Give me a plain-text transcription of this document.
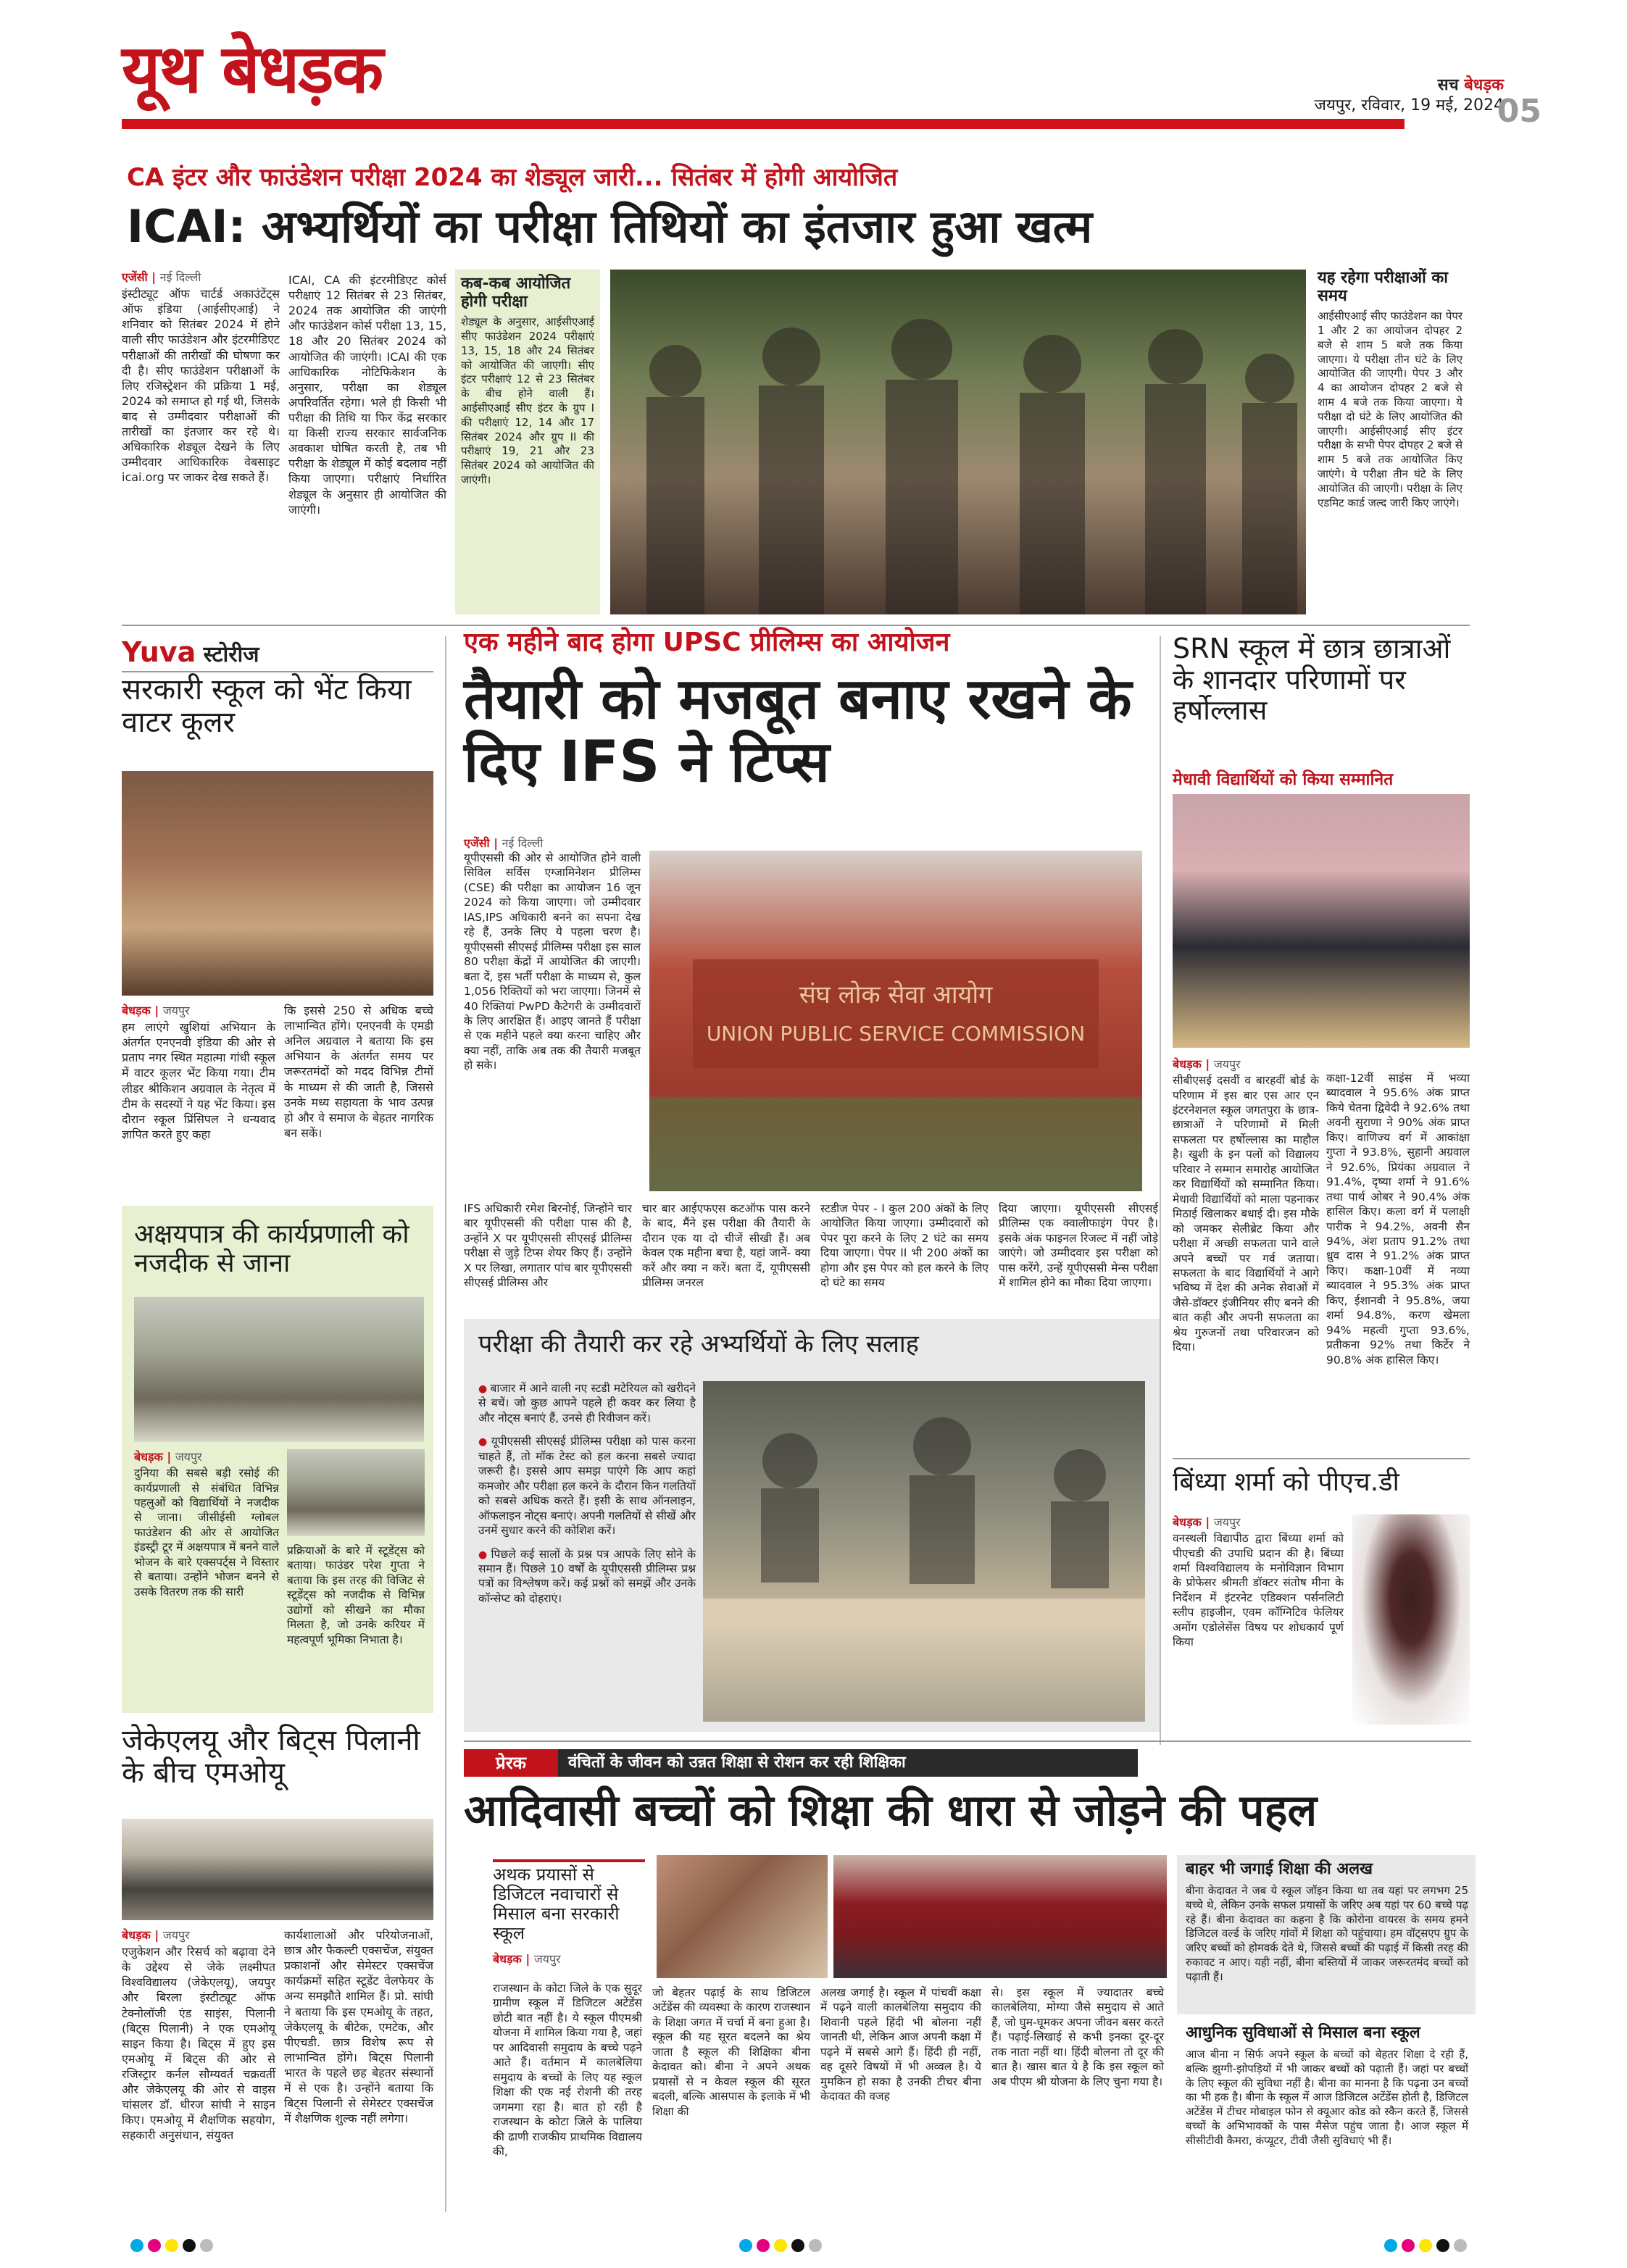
यूथ बेधड़क	सच बेधड़क
जयपुर, रविवार, 19 मई, 2024
05
CA इंटर और फाउंडेशन परीक्षा 2024 का शेड्यूल जारी... सितंबर में होगी आयोजित
ICAI: अभ्यर्थियों का परीक्षा तिथियों का इंतजार हुआ खत्म
एजेंसी | नई दिल्ली
इंस्टीट्यूट ऑफ चार्टर्ड अकाउंटेंट्स ऑफ इंडिया (आईसीएआई) ने शनिवार को सितंबर 2024 में होने वाली सीए फाउंडेशन और इंटरमीडिएट परीक्षाओं की तारीखों की घोषणा कर दी है। सीए फाउंडेशन परीक्षाओं के लिए रजिस्ट्रेशन की प्रक्रिया 1 मई, 2024 को समाप्त हो गई थी, जिसके बाद से उम्मीदवार परीक्षाओं की तारीखों का इंतजार कर रहे थे। अधिकारिक शेड्यूल देखने के लिए उम्मीदवार आधिकारिक वेबसाइट icai.org पर जाकर देख सकते हैं।
ICAI, CA की इंटरमीडिएट कोर्स परीक्षाएं 12 सितंबर से 23 सितंबर, 2024 तक आयोजित की जाएंगी और फाउंडेशन कोर्स परीक्षा 13, 15, 18 और 20 सितंबर 2024 को आयोजित की जाएंगी। ICAI की एक आधिकारिक नोटिफिकेशन के अनुसार, परीक्षा का शेड्यूल अपरिवर्तित रहेगा। भले ही किसी भी परीक्षा की तिथि या फिर केंद्र सरकार या किसी राज्य सरकार सार्वजनिक अवकाश घोषित करती है, तब भी परीक्षा के शेड्यूल में कोई बदलाव नहीं किया जाएगा। परीक्षाएं निर्धारित शेड्यूल के अनुसार ही आयोजित की जाएंगी।
कब-कब आयोजित होगी परीक्षा
शेड्यूल के अनुसार, आईसीएआई सीए फाउंडेशन 2024 परीक्षाएं 13, 15, 18 और 24 सितंबर को आयोजित की जाएगी। सीए इंटर परीक्षाएं 12 से 23 सितंबर के बीच होने वाली हैं। आईसीएआई सीए इंटर के ग्रुप I की परीक्षाएं 12, 14 और 17 सितंबर 2024 और ग्रुप II की परीक्षाएं 19, 21 और 23 सितंबर 2024 को आयोजित की जाएंगी।
यह रहेगा परीक्षाओं का समय
आईसीएआई सीए फाउंडेशन का पेपर 1 और 2 का आयोजन दोपहर 2 बजे से शाम 5 बजे तक किया जाएगा। ये परीक्षा तीन घंटे के लिए आयोजित की जाएगी। पेपर 3 और 4 का आयोजन दोपहर 2 बजे से शाम 4 बजे तक किया जाएगा। ये परीक्षा दो घंटे के लिए आयोजित की जाएगी। आईसीएआई सीए इंटर परीक्षा के सभी पेपर दोपहर 2 बजे से शाम 5 बजे तक आयोजित किए जाएंगे। ये परीक्षा तीन घंटे के लिए आयोजित की जाएगी। परीक्षा के लिए एडमिट कार्ड जल्द जारी किए जाएंगे।
Yuva स्टोरीज
सरकारी स्कूल को भेंट किया वाटर कूलर
बेधड़क | जयपुर
हम लाएंगे खुशियां अभियान के अंतर्गत एनएनवी इंडिया की ओर से प्रताप नगर स्थित महात्मा गांधी स्कूल में वाटर कूलर भेंट किया गया। टीम लीडर श्रीकिशन अग्रवाल के नेतृत्व में टीम के सदस्यों ने यह भेंट किया। इस दौरान स्कूल प्रिंसिपल ने धन्यवाद ज्ञापित करते हुए कहा
कि इससे 250 से अधिक बच्चे लाभान्वित होंगे। एनएनवी के एमडी अनिल अग्रवाल ने बताया कि इस अभियान के अंतर्गत समय पर जरूरतमंदों को मदद विभिन्न टीमों के माध्यम से की जाती है, जिससे उनके मध्य सहायता के भाव उत्पन्न हो और वे समाज के बेहतर नागरिक बन सकें।
अक्षयपात्र की कार्यप्रणाली को नजदीक से जाना
बेधड़क | जयपुर
दुनिया की सबसे बड़ी रसोई की कार्यप्रणाली से संबंधित विभिन्न पहलुओं को विद्यार्थियों ने नजदीक से जाना। जीसीईसी ग्लोबल फाउंडेशन की ओर से आयोजित इंडस्ट्री टूर में अक्षयपात्र में बनने वाले भोजन के बारे एक्सपर्ट्स ने विस्तार से बताया। उन्होंने भोजन बनने से उसके वितरण तक की सारी
प्रक्रियाओं के बारे में स्टूडेंट्स को बताया। फाउंडर परेश गुप्ता ने बताया कि इस तरह की विजिट से स्टूडेंट्स को नजदीक से विभिन्न उद्योगों को सीखने का मौका मिलता है, जो उनके करियर में महत्वपूर्ण भूमिका निभाता है।
जेकेएलयू और बिट्स पिलानी के बीच एमओयू
बेधड़क | जयपुर
एजुकेशन और रिसर्च को बढ़ावा देने के उद्देश्य से जेके लक्ष्मीपत विश्वविद्यालय (जेकेएलयू), जयपुर और बिरला इंस्टीट्यूट ऑफ टेक्नोलॉजी एंड साइंस, पिलानी (बिट्स पिलानी) ने एक एमओयू साइन किया है। बिट्स में हुए इस एमओयू में बिट्स की ओर से रजिस्ट्रार कर्नल सौम्यवर्त चक्रवर्ती और जेकेएलयू की ओर से वाइस चांसलर डॉ. धीरज सांघी ने साइन किए। एमओयू में शैक्षणिक सहयोग, सहकारी अनुसंधान, संयुक्त
कार्यशालाओं और परियोजनाओं, छात्र और फैकल्टी एक्सचेंज, संयुक्त प्रकाशनों और सेमेस्टर एक्सचेंज कार्यक्रमों सहित स्टूडेंट वेलफेयर के अन्य समझौते शामिल हैं। प्रो. सांघी ने बताया कि इस एमओयू के तहत, जेकेएलयू के बीटेक, एमटेक, और पीएचडी. छात्र विशेष रूप से लाभान्वित होंगे। बिट्स पिलानी भारत के पहले छह बेहतर संस्थानों में से एक है। उन्होंने बताया कि बिट्स पिलानी से सेमेस्टर एक्सचेंज में शैक्षणिक शुल्क नहीं लगेगा।
एक महीने बाद होगा UPSC प्रीलिम्स का आयोजन
तैयारी को मजबूत बनाए रखने के दिए IFS ने टिप्स
एजेंसी | नई दिल्ली
यूपीएससी की ओर से आयोजित होने वाली सिविल सर्विस एग्जामिनेशन प्रीलिम्स (CSE) की परीक्षा का आयोजन 16 जून 2024 को किया जाएगा। जो उम्मीदवार IAS,IPS अधिकारी बनने का सपना देख रहे हैं, उनके लिए ये पहला चरण है। यूपीएससी सीएसई प्रीलिम्स परीक्षा इस साल 80 परीक्षा केंद्रों में आयोजित की जाएगी। बता दें, इस भर्ती परीक्षा के माध्यम से, कुल 1,056 रिक्तियों को भरा जाएगा। जिनमें से 40 रिक्तियां PwPD कैटेगरी के उम्मीदवारों के लिए आरक्षित हैं। आइए जानते हैं परीक्षा से एक महीने पहले क्या करना चाहिए और क्या नहीं, ताकि अब तक की तैयारी मजबूत हो सके।
संघ लोक सेवा आयोग
UNION PUBLIC SERVICE COMMISSION
IFS अधिकारी रमेश बिरनोई, जिन्होंने चार बार यूपीएससी की परीक्षा पास की है, उन्होंने X पर यूपीएससी सीएसई प्रीलिम्स परीक्षा से जुड़े टिप्स शेयर किए हैं। उन्होंने X पर लिखा, लगातार पांच बार यूपीएससी सीएसई प्रीलिम्स और
चार बार आईएफएस कटऑफ पास करने के बाद, मैंने इस परीक्षा की तैयारी के दौरान एक या दो चीजें सीखी हैं। अब केवल एक महीना बचा है, यहां जानें- क्या करें और क्या न करें। बता दें, यूपीएससी प्रीलिम्स जनरल
स्टडीज पेपर - I कुल 200 अंकों के लिए आयोजित किया जाएगा। उम्मीदवारों को पेपर पूरा करने के लिए 2 घंटे का समय दिया जाएगा। पेपर II भी 200 अंकों का होगा और इस पेपर को हल करने के लिए दो घंटे का समय
दिया जाएगा। यूपीएससी सीएसई प्रीलिम्स एक क्वालीफाइंग पेपर है। इसके अंक फाइनल रिजल्ट में नहीं जोड़े जाएंगे। जो उम्मीदवार इस परीक्षा को पास करेंगे, उन्हें यूपीएससी मेन्स परीक्षा में शामिल होने का मौका दिया जाएगा।
परीक्षा की तैयारी कर रहे अभ्यर्थियों के लिए सलाह
● बाजार में आने वाली नए स्टडी मटेरियल को खरीदने से बचें। जो कुछ आपने पहले ही कवर कर लिया है और नोट्स बनाएं हैं, उनसे ही रिवीजन करें।
● यूपीएससी सीएसई प्रीलिम्स परीक्षा को पास करना चाहते हैं, तो मॉक टेस्ट को हल करना सबसे ज्यादा जरूरी है। इससे आप समझ पाएंगे कि आप कहां कमजोर और परीक्षा हल करने के दौरान किन गलतियों को सबसे अधिक करते हैं। इसी के साथ ऑनलाइन, ऑफलाइन नोट्स बनाएं। अपनी गलतियों से सीखें और उनमें सुधार करने की कोशिश करें।
● पिछले कई सालों के प्रश्न पत्र आपके लिए सोने के समान हैं। पिछले 10 वर्षों के यूपीएससी प्रीलिम्स प्रश्न पत्रों का विश्लेषण करें। कई प्रश्नों को समझें और उनके कॉन्सेप्ट को दोहराएं।
SRN स्कूल में छात्र छात्राओं के शानदार परिणामों पर हर्षोल्लास
मेधावी विद्यार्थियों को किया सम्मानित
बेधड़क | जयपुर
सीबीएसई दसवीं व बारहवीं बोर्ड के परिणाम में इस बार एस आर एन इंटरनेशनल स्कूल जगतपुरा के छात्र-छात्राओं ने परिणामों में मिली सफलता पर हर्षोल्लास का माहौल है। खुशी के इन पलों को विद्यालय परिवार ने सम्मान समारोह आयोजित कर विद्यार्थियों को सम्मानित किया। मेधावी विद्यार्थियों को माला पहनाकर मिठाई खिलाकर बधाई दी। इस मौके को जमकर सेलीब्रेट किया और परीक्षा में अच्छी सफलता पाने वाले अपने बच्चों पर गर्व जताया। सफलता के बाद विद्यार्थियों ने आगे भविष्य में देश की अनेक सेवाओं में जैसे-डॉक्टर इंजीनियर सीए बनने की बात कही और अपनी सफलता का श्रेय गुरुजनों तथा परिवारजन को दिया।
कक्षा-12वीं साइंस में भव्या ब्यादवाल ने 95.6% अंक प्राप्त किये चेतना द्विवेदी ने 92.6% तथा अवनी सुराणा ने 90% अंक प्राप्त किए। वाणिज्य वर्ग में आकांक्षा गुप्ता ने 93.8%, सुहानी अग्रवाल ने 92.6%, प्रियंका अग्रवाल ने 91.4%, दृष्या शर्मा ने 91.6% तथा पार्थ ओबर ने 90.4% अंक हासिल किए। कला वर्ग में पलाक्षी पारीक ने 94.2%, अवनी सैन 94%, अंश प्रताप 91.2% तथा ध्रुव दास ने 91.2% अंक प्राप्त किए। कक्षा-10वीं में नव्या ब्यादवाल ने 95.3% अंक प्राप्त किए, ईशानवी ने 95.8%, जया शर्मा 94.8%, करण खेमला 94% महत्वी गुप्ता 93.6%, प्रतीकना 92% तथा किर्टेर ने 90.8% अंक हासिल किए।
बिंध्या शर्मा को पीएच.डी
बेधड़क | जयपुर
वनस्थली विद्यापीठ द्वारा बिंध्या शर्मा को पीएचडी की उपाधि प्रदान की है। बिंध्या शर्मा विश्वविद्यालय के मनोविज्ञान विभाग के प्रोफेसर श्रीमती डॉक्टर संतोष मीना के निर्देशन में इंटरनेट एडिक्शन पर्सनलिटी स्लीप हाइजीन, एवम कॉग्निटिव फेलियर अमोंग एडोलेसेंस विषय पर शोधकार्य पूर्ण किया
प्रेरक	वंचितों के जीवन को उन्नत शिक्षा से रोशन कर रही शिक्षिका
आदिवासी बच्चों को शिक्षा की धारा से जोड़ने की पहल
अथक प्रयासों से डिजिटल नवाचारों से मिसाल बना सरकारी स्कूल
बेधड़क | जयपुर
राजस्थान के कोटा जिले के एक सुदूर ग्रामीण स्कूल में डिजिटल अटेंडेंस छोटी बात नहीं है। ये स्कूल पीएमश्री योजना में शामिल किया गया है, जहां पर आदिवासी समुदाय के बच्चे पढ़ने आते हैं। वर्तमान में कालबेलिया समुदाय के बच्चों के लिए यह स्कूल शिक्षा की एक नई रोशनी की तरह जगमगा रहा है। बात हो रही है राजस्थान के कोटा जिले के पालिया की ढाणी राजकीय प्राथमिक विद्यालय की,
जो बेहतर पढ़ाई के साथ डिजिटल अटेंडेंस की व्यवस्था के कारण राजस्थान के शिक्षा जगत में चर्चा में बना हुआ है। स्कूल की यह सूरत बदलने का श्रेय जाता है स्कूल की शिक्षिका बीना केदावत को। बीना ने अपने अथक प्रयासों से न केवल स्कूल की सूरत बदली, बल्कि आसपास के इलाके में भी शिक्षा की
अलख जगाई है। स्कूल में पांचवीं कक्षा में पढ़ने वाली कालबेलिया समुदाय की शिवानी पहले हिंदी भी बोलना नहीं जानती थी, लेकिन आज अपनी कक्षा में पढ़ने में सबसे आगे हैं। हिंदी ही नहीं, वह दूसरे विषयों में भी अव्वल है। ये मुमकिन हो सका है उनकी टीचर बीना केदावत की वजह
से। इस स्कूल में ज्यादातर बच्चे कालबेलिया, मोग्या जैसे समुदाय से आते हैं, जो घुम-घूमकर अपना जीवन बसर करते हैं। पढ़ाई-लिखाई से कभी इनका दूर-दूर तक नाता नहीं था। हिंदी बोलना तो दूर की बात है। खास बात ये है कि इस स्कूल को अब पीएम श्री योजना के लिए चुना गया है।
बाहर भी जगाई शिक्षा की अलख
बीना केदावत ने जब ये स्कूल जॉइन किया था तब यहां पर लगभग 25 बच्चे थे, लेकिन उनके सफल प्रयासों के जरिए अब यहां पर 60 बच्चे पढ़ रहे हैं। बीना केदावत का कहना है कि कोरोना वायरस के समय हमने डिजिटल वर्ल्ड के जरिए गांवों में शिक्षा को पहुंचाया। हम वॉट्सएप ग्रुप के जरिए बच्चों को होमवर्क देते थे, जिससे बच्चों की पढ़ाई में किसी तरह की रुकावट न आए। यही नहीं, बीना बस्तियों में जाकर जरूरतमंद बच्चों को पढ़ाती हैं।
आधुनिक सुविधाओं से मिसाल बना स्कूल
आज बीना न सिर्फ अपने स्कूल के बच्चों को बेहतर शिक्षा दे रही हैं, बल्कि झुग्गी-झोपड़ियों में भी जाकर बच्चों को पढ़ाती हैं। जहां पर बच्चों के लिए स्कूल की सुविधा नहीं है। बीना का मानना है कि पढ़ना उन बच्चों का भी हक है। बीना के स्कूल में आज डिजिटल अटेंडेंस होती है, डिजिटल अटेंडेंस में टीचर मोबाइल फोन से क्यूआर कोड को स्कैन करते हैं, जिससे बच्चों के अभिभावकों के पास मैसेज पहुंच जाता है। आज स्कूल में सीसीटीवी कैमरा, कंप्यूटर, टीवी जैसी सुविधाएं भी हैं।
